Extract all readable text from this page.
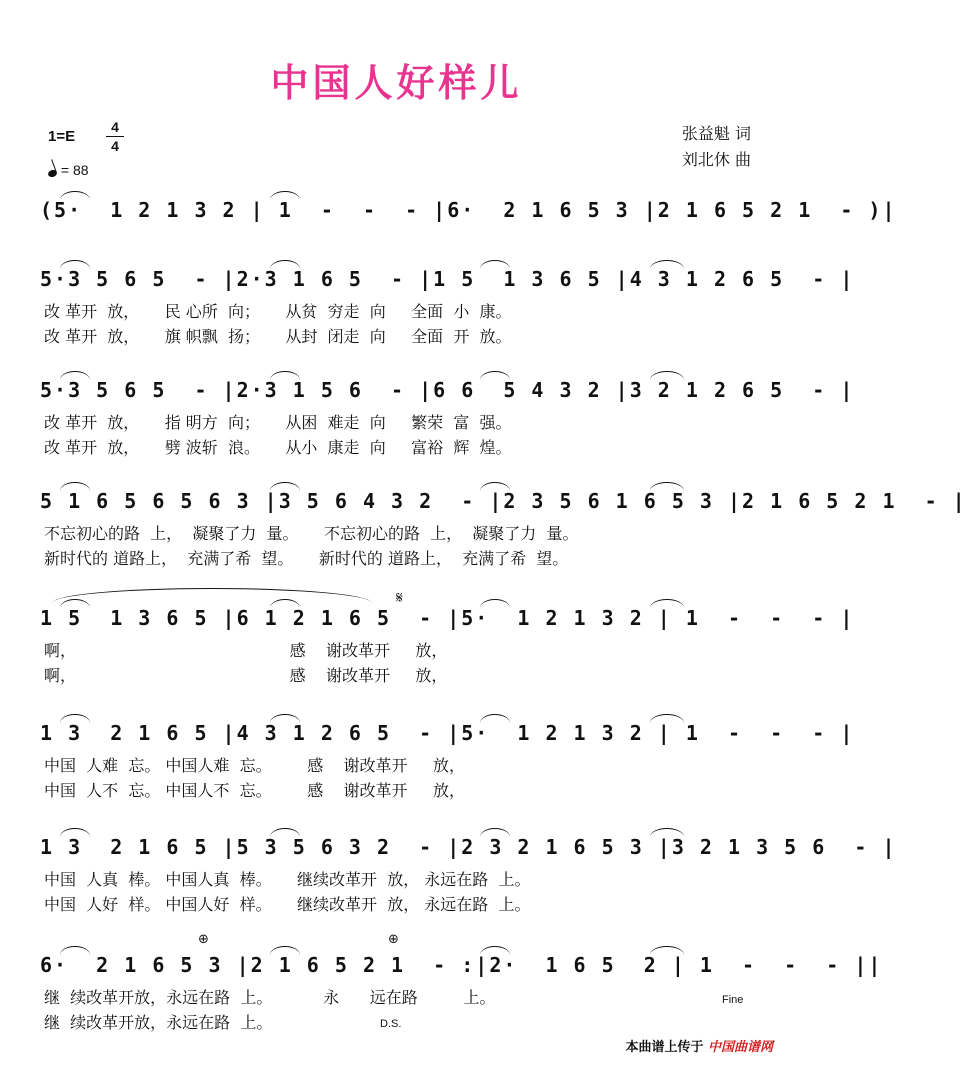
中国人好样儿
张益魁 词
刘北休 曲
1=E
4
4
= 88
(5·  1 2 1 3 2 | 1  -  -  - |6·  2 1 6 5 3 |2 1 6 5 2 1  - )|
5·3 5 6 5  - |2·3 1 6 5  - |1 5  1 3 6 5 |4 3 1 2 6 5  - |
改 革开  放，     民 心所  向；     从贫  穷走  向     全面  小  康。
改 革开  放，     旗 帜飘  扬；     从封  闭走  向     全面  开  放。
5·3 5 6 5  - |2·3 1 5 6  - |6 6  5 4 3 2 |3 2 1 2 6 5  - |
改 革开  放，     指 明方  向；     从困  难走  向     繁荣  富  强。
改 革开  放，     劈 波斩  浪。     从小  康走  向     富裕  辉  煌。
5 1 6 5 6 5 6 3 |3 5 6 4 3 2  - |2 3 5 6 1 6 5 3 |2 1 6 5 2 1  - |
不忘初心的路  上，  凝聚了力  量。     不忘初心的路  上，  凝聚了力  量。
新时代的 道路上，  充满了希  望。     新时代的 道路上，  充满了希  望。
1 5  1 3 6 5 |6 1 2 1 6 5  - |5·  1 2 1 3 2 | 1  -  -  - |
啊，                                          感    谢改革开     放，
啊，                                          感    谢改革开     放，
1 3  2 1 6 5 |4 3 1 2 6 5  - |5·  1 2 1 3 2 | 1  -  -  - |
中国  人难  忘。 中国人难  忘。       感    谢改革开     放，
中国  人不  忘。 中国人不  忘。       感    谢改革开     放，
1 3  2 1 6 5 |5 3 5 6 3 2  - |2 3 2 1 6 5 3 |3 2 1 3 5 6  - |
中国  人真  棒。 中国人真  棒。     继续改革开  放， 永远在路  上。
中国  人好  样。 中国人好  样。     继续改革开  放， 永远在路  上。
6·  2 1 6 5 3 |2 1 6 5 2 1  - :|2·  1 6 5  2 | 1  -  -  - ||
继  续改革开放，永远在路  上。          永      远在路         上。
继  续改革开放，永远在路  上。
𝄋
⊕	⊕
D.S.
Fine
本曲谱上传于 中国曲谱网
